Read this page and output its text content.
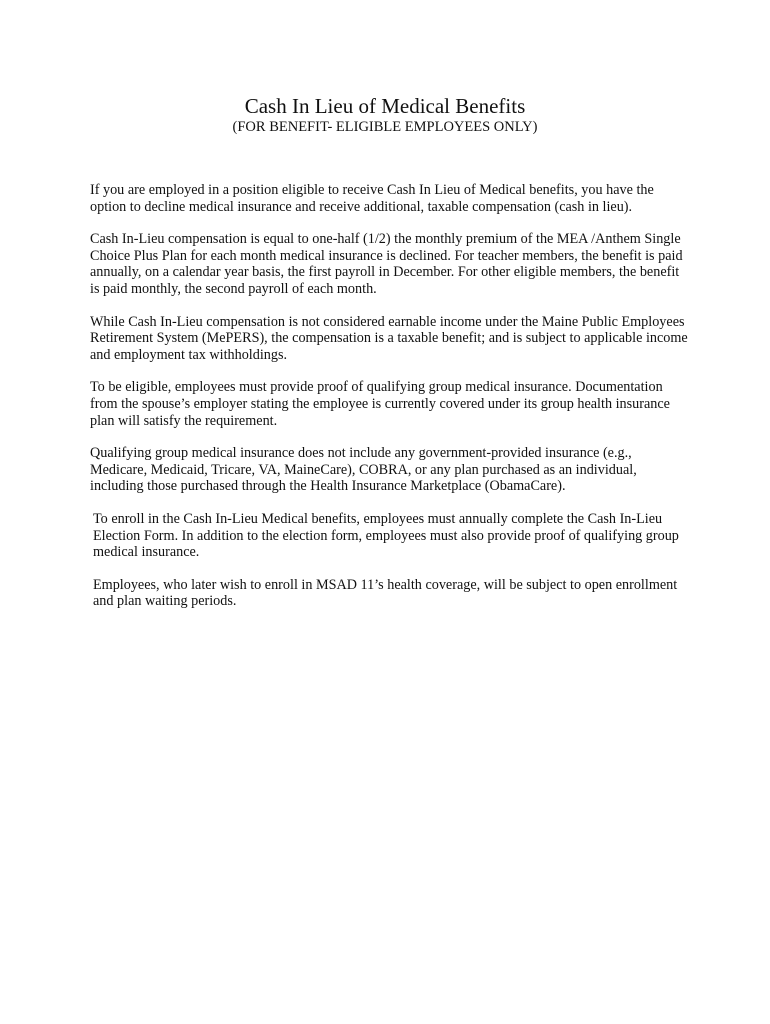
Cash In Lieu of Medical Benefits
(FOR BENEFIT- ELIGIBLE EMPLOYEES ONLY)

If you are employed in a position eligible to receive Cash In Lieu of Medical benefits, you have the option to decline medical insurance and receive additional, taxable compensation (cash in lieu).

Cash In-Lieu compensation is equal to one-half (1/2) the monthly premium of the MEA /Anthem Single Choice Plus Plan for each month medical insurance is declined. For teacher members, the benefit is paid annually, on a calendar year basis, the first payroll in December. For other eligible members, the benefit is paid monthly, the second payroll of each month.

While Cash In-Lieu compensation is not considered earnable income under the Maine Public Employees Retirement System (MePERS), the compensation is a taxable benefit; and is subject to applicable income and employment tax withholdings.

To be eligible, employees must provide proof of qualifying group medical insurance. Documentation from the spouse’s employer stating the employee is currently covered under its group health insurance plan will satisfy the requirement.

Qualifying group medical insurance does not include any government-provided insurance (e.g., Medicare, Medicaid, Tricare, VA, MaineCare), COBRA, or any plan purchased as an individual, including those purchased through the Health Insurance Marketplace (ObamaCare).

To enroll in the Cash In-Lieu Medical benefits, employees must annually complete the Cash In-Lieu Election Form. In addition to the election form, employees must also provide proof of qualifying group medical insurance.

Employees, who later wish to enroll in MSAD 11’s health coverage, will be subject to open enrollment and plan waiting periods.
